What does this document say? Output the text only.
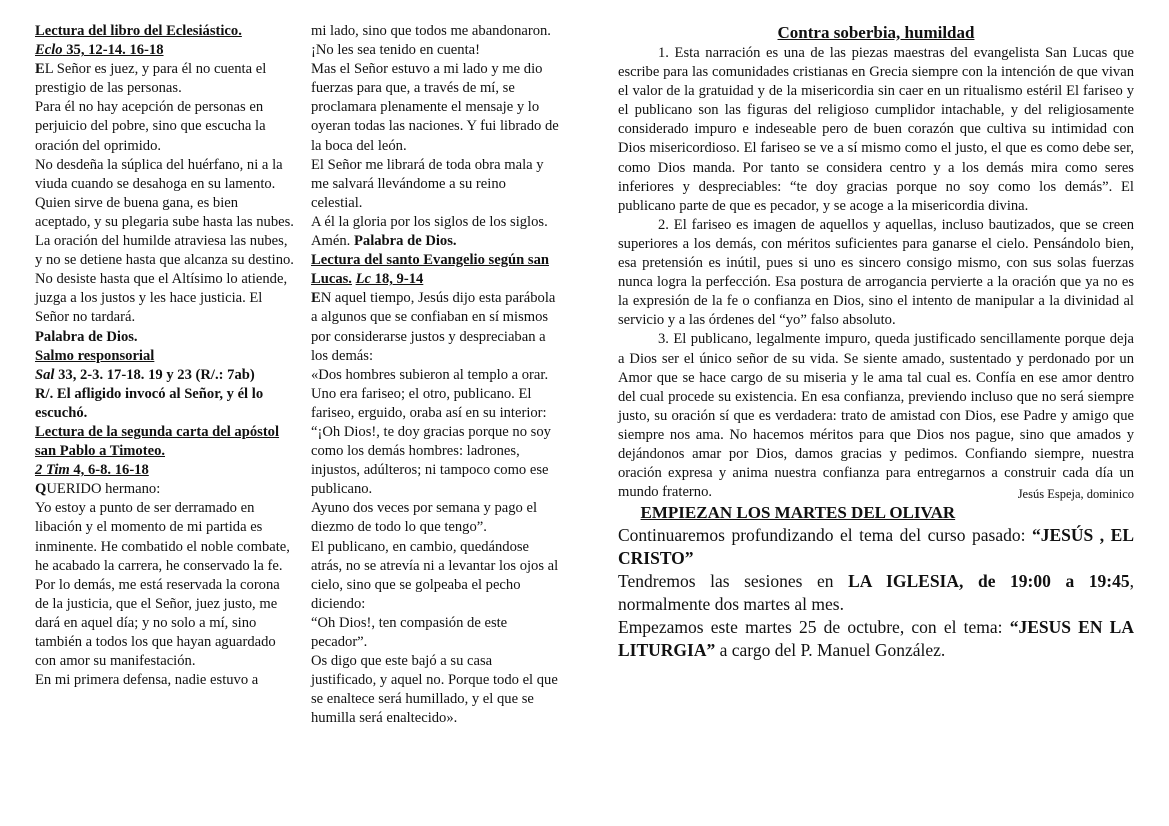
Lectura del libro del Eclesiástico.

Eclo 35, 12-14. 16-18

EL Señor es juez, y para él no cuenta el prestigio de las personas.

Para él no hay acepción de personas en perjuicio del pobre, sino que escucha la oración del oprimido.

No desdeña la súplica del huérfano, ni a la viuda cuando se desahoga en su lamento.

Quien sirve de buena gana, es bien aceptado, y su plegaria sube hasta las nubes.

La oración del humilde atraviesa las nubes, y no se detiene hasta que alcanza su destino.

No desiste hasta que el Altísimo lo atiende, juzga a los justos y les hace justicia. El Señor no tardará.

Palabra de Dios.

Salmo responsorial

Sal 33, 2-3. 17-18. 19 y 23 (R/.: 7ab)

R/. El afligido invocó al Señor, y él lo escuchó.

Lectura de la segunda carta del apóstol san Pablo a Timoteo.

2 Tim 4, 6-8. 16-18

QUERIDO hermano:

Yo estoy a punto de ser derramado en libación y el momento de mi partida es inminente. He combatido el noble combate, he acabado la carrera, he conservado la fe.

Por lo demás, me está reservada la corona de la justicia, que el Señor, juez justo, me dará en aquel día; y no solo a mí, sino también a todos los que hayan aguardado con amor su manifestación.

En mi primera defensa, nadie estuvo a

mi lado, sino que todos me abandonaron. ¡No les sea tenido en cuenta!

Mas el Señor estuvo a mi lado y me dio fuerzas para que, a través de mí, se proclamara plenamente el mensaje y lo oyeran todas las naciones. Y fui librado de la boca del león.

El Señor me librará de toda obra mala y me salvará llevándome a su reino celestial.

A él la gloria por los siglos de los siglos. Amén. Palabra de Dios.

Lectura del santo Evangelio según san Lucas. Lc 18, 9-14

EN aquel tiempo, Jesús dijo esta parábola a algunos que se confiaban en sí mismos por considerarse justos y despreciaban a los demás:

«Dos hombres subieron al templo a orar. Uno era fariseo; el otro, publicano. El fariseo, erguido, oraba así en su interior:

“¡Oh Dios!, te doy gracias porque no soy como los demás hombres: ladrones, injustos, adúlteros; ni tampoco como ese publicano.

Ayuno dos veces por semana y pago el diezmo de todo lo que tengo”.

El publicano, en cambio, quedándose atrás, no se atrevía ni a levantar los ojos al cielo, sino que se golpeaba el pecho diciendo:

“Oh Dios!, ten compasión de este pecador”.

Os digo que este bajó a su casa justificado, y aquel no. Porque todo el que se enaltece será humillado, y el que se humilla será enaltecido».

Contra soberbia, humildad

1. Esta narración es una de las piezas maestras del evangelista San Lucas que escribe para las comunidades cristianas en Grecia siempre con la intención de que vivan el valor de la gratuidad y de la misericordia sin caer en un ritualismo estéril El fariseo y el publicano son las figuras del religioso cumplidor intachable, y del religiosamente considerado impuro e indeseable pero de buen corazón que cultiva su intimidad con Dios misericordioso. El fariseo se ve a sí mismo como el justo, el que es como debe ser, como Dios manda. Por tanto se considera centro y a los demás mira como seres inferiores y despreciables: “te doy gracias porque no soy como los demás”. El publicano parte de que es pecador, y se acoge a la misericordia divina.

2. El fariseo es imagen de aquellos y aquellas, incluso bautizados, que se creen superiores a los demás, con méritos suficientes para ganarse el cielo. Pensándolo bien, esa pretensión es inútil, pues si uno es sincero consigo mismo, con sus solas fuerzas nunca logra la perfección. Esa postura de arrogancia pervierte a la oración que ya no es la expresión de la fe o confianza en Dios, sino el intento de manipular a la divinidad al servicio y a las órdenes del “yo” falso absoluto.

3. El publicano, legalmente impuro, queda justificado sencillamente porque deja a Dios ser el único señor de su vida. Se siente amado, sustentado y perdonado por un Amor que se hace cargo de su miseria y le ama tal cual es. Confía en ese amor dentro del cual procede su existencia. En esa confianza, previendo incluso que no será siempre justo, su oración sí que es verdadera: trato de amistad con Dios, ese Padre y amigo que siempre nos ama. No hacemos méritos para que Dios nos pague, sino que amados y dejándonos amar por Dios, damos gracias y pedimos. Confiando siempre, nuestra oración expresa y anima nuestra confianza para entregarnos a construir cada día un mundo fraterno.	Jesús Espeja, dominico

EMPIEZAN LOS MARTES DEL OLIVAR

Continuaremos profundizando el tema del curso pasado: “JESÚS , EL CRISTO”

Tendremos las sesiones en LA IGLESIA, de 19:00 a 19:45, normalmente dos martes al mes.

Empezamos este martes 25 de octubre, con el tema: “JESUS EN LA LITURGIA” a cargo del P. Manuel González.
